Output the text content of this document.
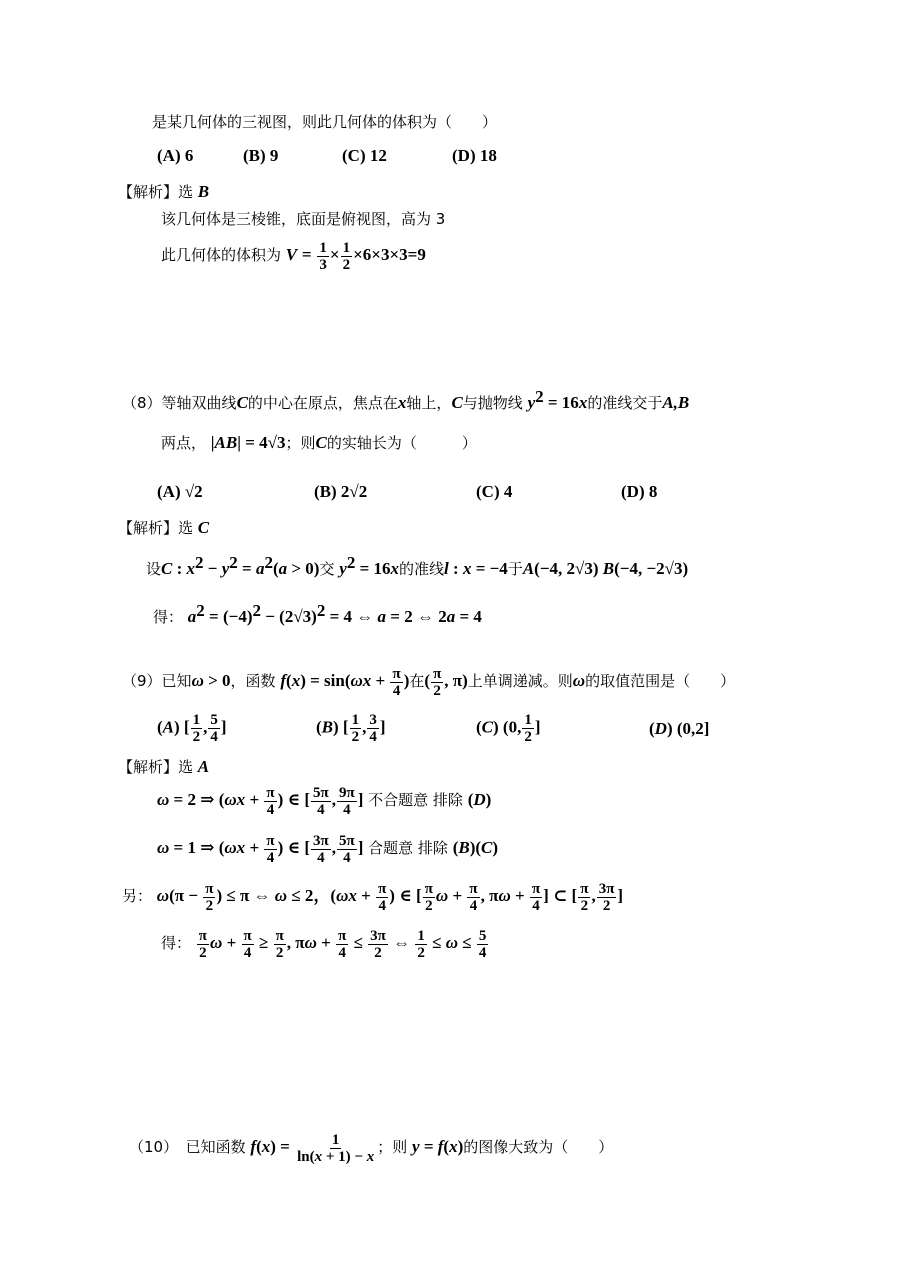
是某几何体的三视图，则此几何体的体积为（　　）
(A) 6	(B) 9	(C) 12	(D) 18
【解析】选 B
该几何体是三棱锥，底面是俯视图，高为 3
此几何体的体积为 $V = \frac{1}{3} \times \frac{1}{2} \times 6\times 3\times 3=9$
（8）等轴双曲线C的中心在原点，焦点在x轴上，C与抛物线 $y^2 = 16x$的准线交于A,B
两点， |AB| = 4√3；则C的实轴长为（　　　）
(A) √2	(B) 2√2	(C) 4	(D) 8
【解析】选 C
设C : $x^2 - y^2 = a^2(a > 0)$交 $y^2 = 16x$的准线l : x = −4于A(−4, 2√3) B(−4, −2√3)
得： $a^2 = (-4)^2 - (2√3)^2 = 4$ ⇔ a = 2 ⇔ 2a = 4
（9）已知ω > 0，函数 $f(x) = \sin(\omega x + \frac{\pi}{4}$ )在( $\frac{\pi}{2}$ , π)上单调递减。则ω的取值范围是（　　）
(A) [ $\frac{1}{2}$ , $\frac{5}{4}$ ]	(B) [ $\frac{1}{2}$ , $\frac{3}{4}$ ]	(C) (0, $\frac{1}{2}$ ]	(D) (0,2]
【解析】选 A
ω = 2 ⇒ ($\omega x + \frac{\pi}{4}$ ) ∈ [ $\frac{5\pi}{4}$ , $\frac{9\pi}{4}$ ] 不合题意 排除 (D)
ω = 1 ⇒ ($\omega x + \frac{\pi}{4}$ ) ∈ [ $\frac{3\pi}{4}$ , $\frac{5\pi}{4}$ ] 合题意 排除 (B)(C)
另： $\omega(\pi - \frac{\pi}{2}$ ) ≤ π ⇔ ω ≤ 2，($\omega x + \frac{\pi}{4}$ ) ∈ [ $\frac{\pi}{2}$ $\omega + \frac{\pi}{4}$ , $\pi\omega + \frac{\pi}{4}$ ] ⊂ [ $\frac{\pi}{2}$ , $\frac{3\pi}{2}$ ]
得： $\frac{\pi}{2}$ $\omega + \frac{\pi}{4} \ge \frac{\pi}{2}$ , $\pi\omega + \frac{\pi}{4} \le \frac{3\pi}{2}$ ⇔ $\frac{1}{2} \le \omega \le \frac{5}{4}$
（10）　 已知函数 $f(x) = \frac{1}{\ln(x + 1) - x}$ ；则 y = f(x)的图像大致为（　　）
